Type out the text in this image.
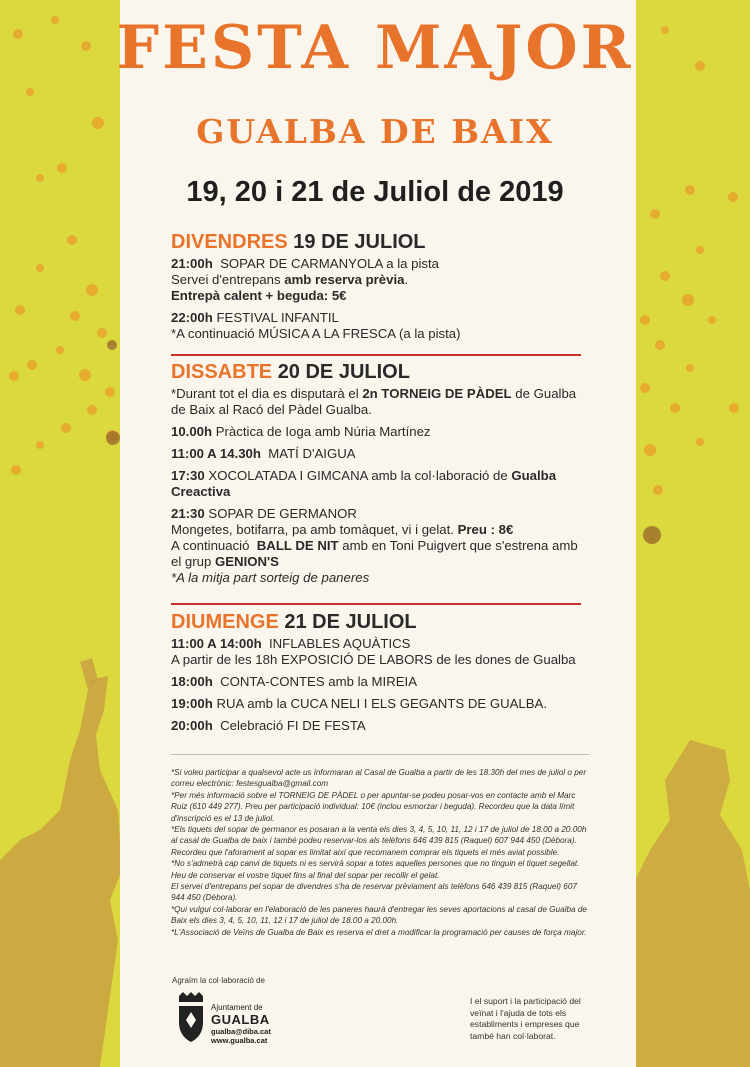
FESTA MAJOR
GUALBA DE BAIX
19, 20 i 21 de Juliol de 2019

DIVENDRES 19 DE JULIOL

21:00h SOPAR DE CARMANYOLA a la pista
Servei d'entrepans amb reserva prèvia.
Entrepà calent + beguda: 5€
22:00h FESTIVAL INFANTIL
*A continuació MÚSICA A LA FRESCA (a la pista)

DISSABTE 20 DE JULIOL

*Durant tot el dia es disputarà el 2n TORNEIG DE PÀDEL de Gualba de Baix al Racó del Pàdel Gualba.
10.00h Pràctica de Ioga amb Núria Martínez
11:00 A 14.30h MATÍ D'AIGUA
17:30 XOCOLATADA I GIMCANA amb la col·laboració de Gualba Creactiva
21:30 SOPAR DE GERMANOR
Mongetes, botifarra, pa amb tomàquet, vi i gelat. Preu : 8€
A continuació BALL DE NIT amb en Toni Puigvert que s'estrena amb el grup GENION'S
*A la mitja part sorteig de paneres

DIUMENGE 21 DE JULIOL

11:00 A 14:00h INFLABLES AQUÀTICS
A partir de les 18h EXPOSICIÓ DE LABORS de les dones de Gualba
18:00h CONTA-CONTES amb la MIREIA
19:00h RUA amb la CUCA NELI I ELS GEGANTS DE GUALBA.
20:00h Celebració FI DE FESTA

*Si voleu participar a qualsevol acte us informaran al Casal de Gualba a partir de les 18.30h del mes de juliol o per correu electrònic: festesgualba@gmail.com

*Per més informació sobre el TORNEIG DE PÀDEL o per apuntar-se podeu posar-vos en contacte amb el Marc Ruiz (610 449 277). Preu per participació individual: 10€ (inclou esmorzar i beguda). Recordeu que la data límit d'inscripció es el 13 de juliol.

*Els tiquets del sopar de germanor es posaran a la venta els dies 3, 4, 5, 10, 11, 12 i 17 de juliol de 18.00 a 20.00h al casal de Gualba de baix i també podeu reservar-los als telèfons 646 439 815 (Raquel) 607 944 450 (Dèbora). Recordeu que l'aforament al sopar es limitat així que recomanem comprar els tiquets el més aviat possible.

*No s'admetrà cap canvi de tiquets ni es servirà sopar a totes aquelles persones que no tinguin el tiquet segellat. Heu de conservar el vostre tiquet fins al final del sopar per recollir el gelat.

El servei d'entrepans pel sopar de divendres s'ha de reservar prèviament als telèfons 646 439 815 (Raquel) 607 944 450 (Dèbora).

*Qui vulgui col·laborar en l'elaboració de les paneres haurà d'entregar les seves aportacions al casal de Gualba de Baix els dies 3, 4, 5, 10, 11, 12 i 17 de juliol de 18.00 a 20.00h.

*L'Associació de Veïns de Gualba de Baix es reserva el dret a modificar la programació per causes de força major.

Agraïm la col·laboració de
Ajuntament de
GUALBA
gualba@diba.cat
www.gualba.cat
I el suport i la participació del veïnat i l'ajuda de tots els establiments i empreses que també han col·laborat.
